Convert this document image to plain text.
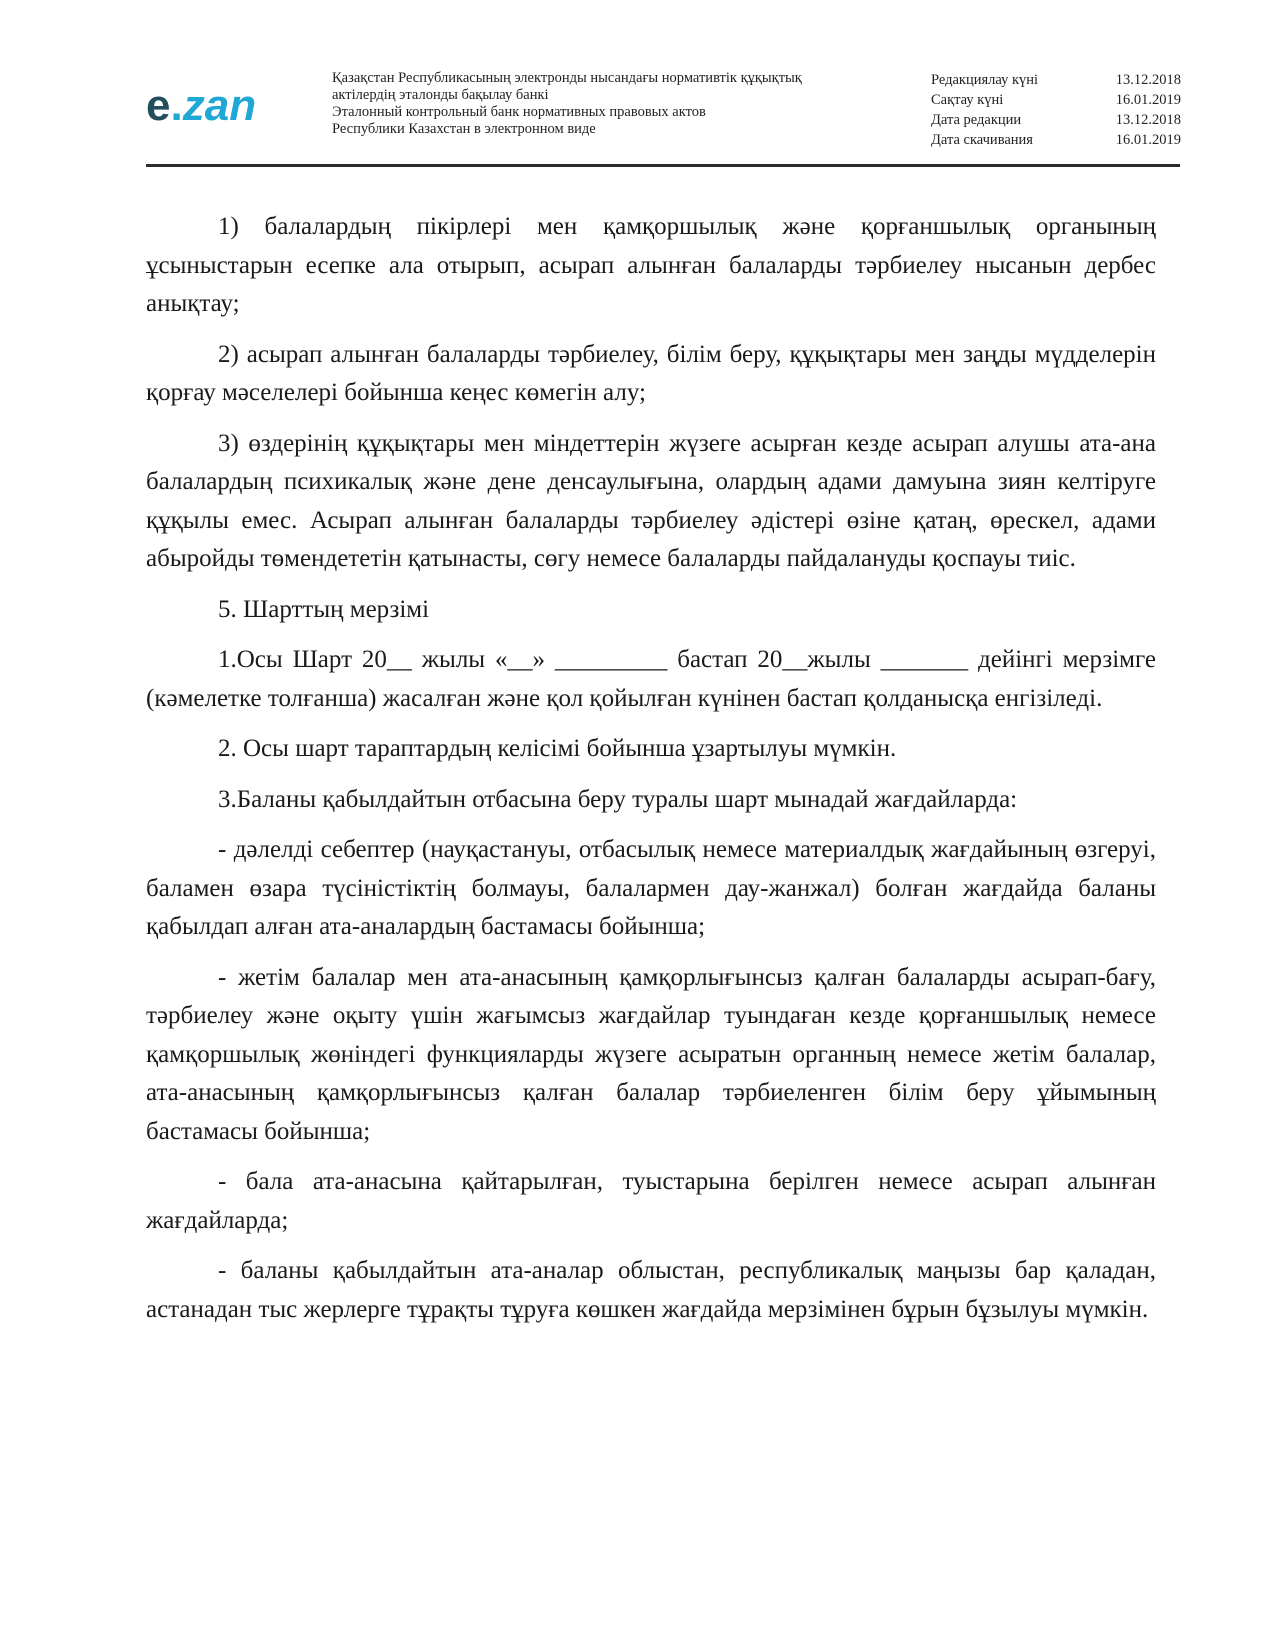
e.zan
Қазақстан Республикасының электронды нысандағы нормативтік құқықтық
актілердің эталонды бақылау банкі
Эталонный контрольный банк нормативных правовых актов
Республики Казахстан в электронном виде
Редакциялау күні	13.12.2018
Сақтау күні	16.01.2019
Дата редакции	13.12.2018
Дата скачивания	16.01.2019

1) балалардың пікірлері мен қамқоршылық және қорғаншылық органының ұсыныстарын есепке ала отырып, асырап алынған балаларды тәрбиелеу нысанын дербес анықтау;

2) асырап алынған балаларды тәрбиелеу, білім беру, құқықтары мен заңды мүдделерін қорғау мәселелері бойынша кеңес көмегін алу;

3) өздерінің құқықтары мен міндеттерін жүзеге асырған кезде асырап алушы ата-ана балалардың психикалық және дене денсаулығына, олардың адами дамуына зиян келтіруге құқылы емес. Асырап алынған балаларды тәрбиелеу әдістері өзіне қатаң, өрескел, адами абыройды төмендететін қатынасты, сөгу немесе балаларды пайдалануды қоспауы тиіс.

5. Шарттың мерзімі

1.Осы Шарт 20__ жылы «__» _________ бастап 20__жылы _______ дейінгі мерзімге (кәмелетке толғанша) жасалған және қол қойылған күнінен бастап қолданысқа енгізіледі.

2. Осы шарт тараптардың келісімі бойынша ұзартылуы мүмкін.

3.Баланы қабылдайтын отбасына беру туралы шарт мынадай жағдайларда:

- дәлелді себептер (науқастануы, отбасылық немесе материалдық жағдайының өзгеруі, баламен өзара түсіністіктің болмауы, балалармен дау-жанжал) болған жағдайда баланы қабылдап алған ата-аналардың бастамасы бойынша;

- жетім балалар мен ата-анасының қамқорлығынсыз қалған балаларды асырап-бағу, тәрбиелеу және оқыту үшін жағымсыз жағдайлар туындаған кезде қорғаншылық немесе қамқоршылық жөніндегі функцияларды жүзеге асыратын органның немесе жетім балалар, ата-анасының қамқорлығынсыз қалған балалар тәрбиеленген білім беру ұйымының бастамасы бойынша;

- бала ата-анасына қайтарылған, туыстарына берілген немесе асырап алынған жағдайларда;

- баланы қабылдайтын ата-аналар облыстан, республикалық маңызы бар қаладан, астанадан тыс жерлерге тұрақты тұруға көшкен жағдайда мерзімінен бұрын бұзылуы мүмкін.
